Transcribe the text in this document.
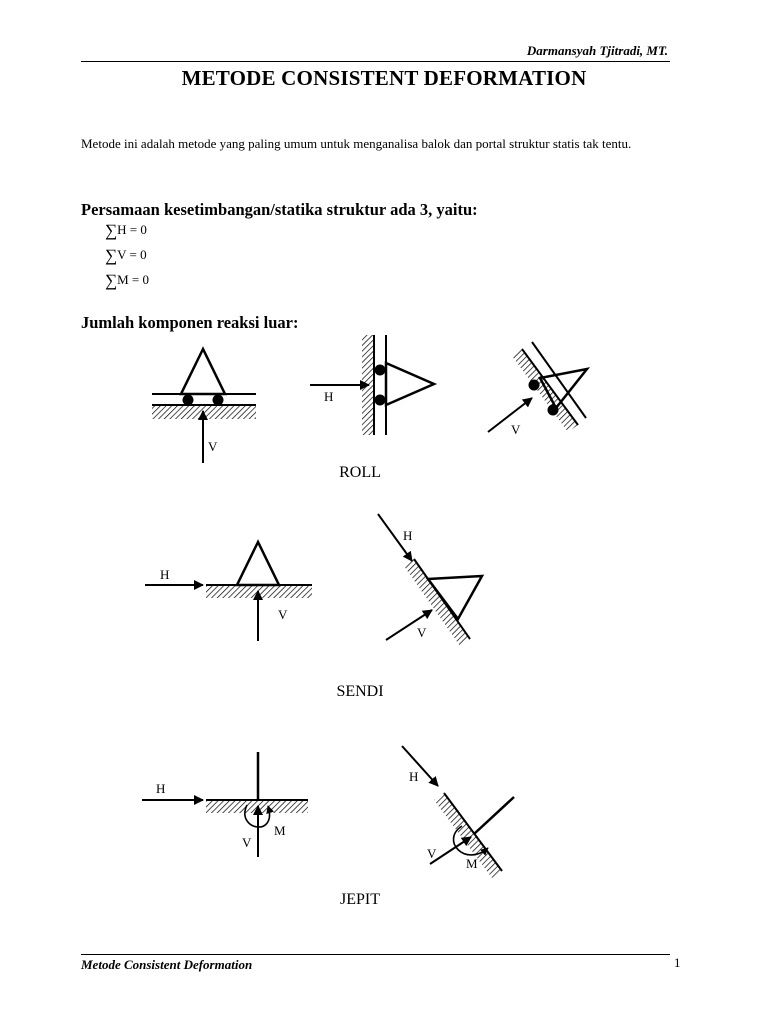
Darmansyah Tjitradi, MT.
METODE CONSISTENT DEFORMATION
Metode ini adalah metode yang paling umum untuk menganalisa balok dan portal struktur statis tak tentu.
Persamaan kesetimbangan/statika struktur ada 3, yaitu:
∑H = 0
∑V = 0
∑M = 0
Jumlah komponen reaksi luar:
V
H
V
ROLL
H
V
H
V
SENDI
H
V
M
H
V
M
JEPIT
Metode Consistent Deformation	1
